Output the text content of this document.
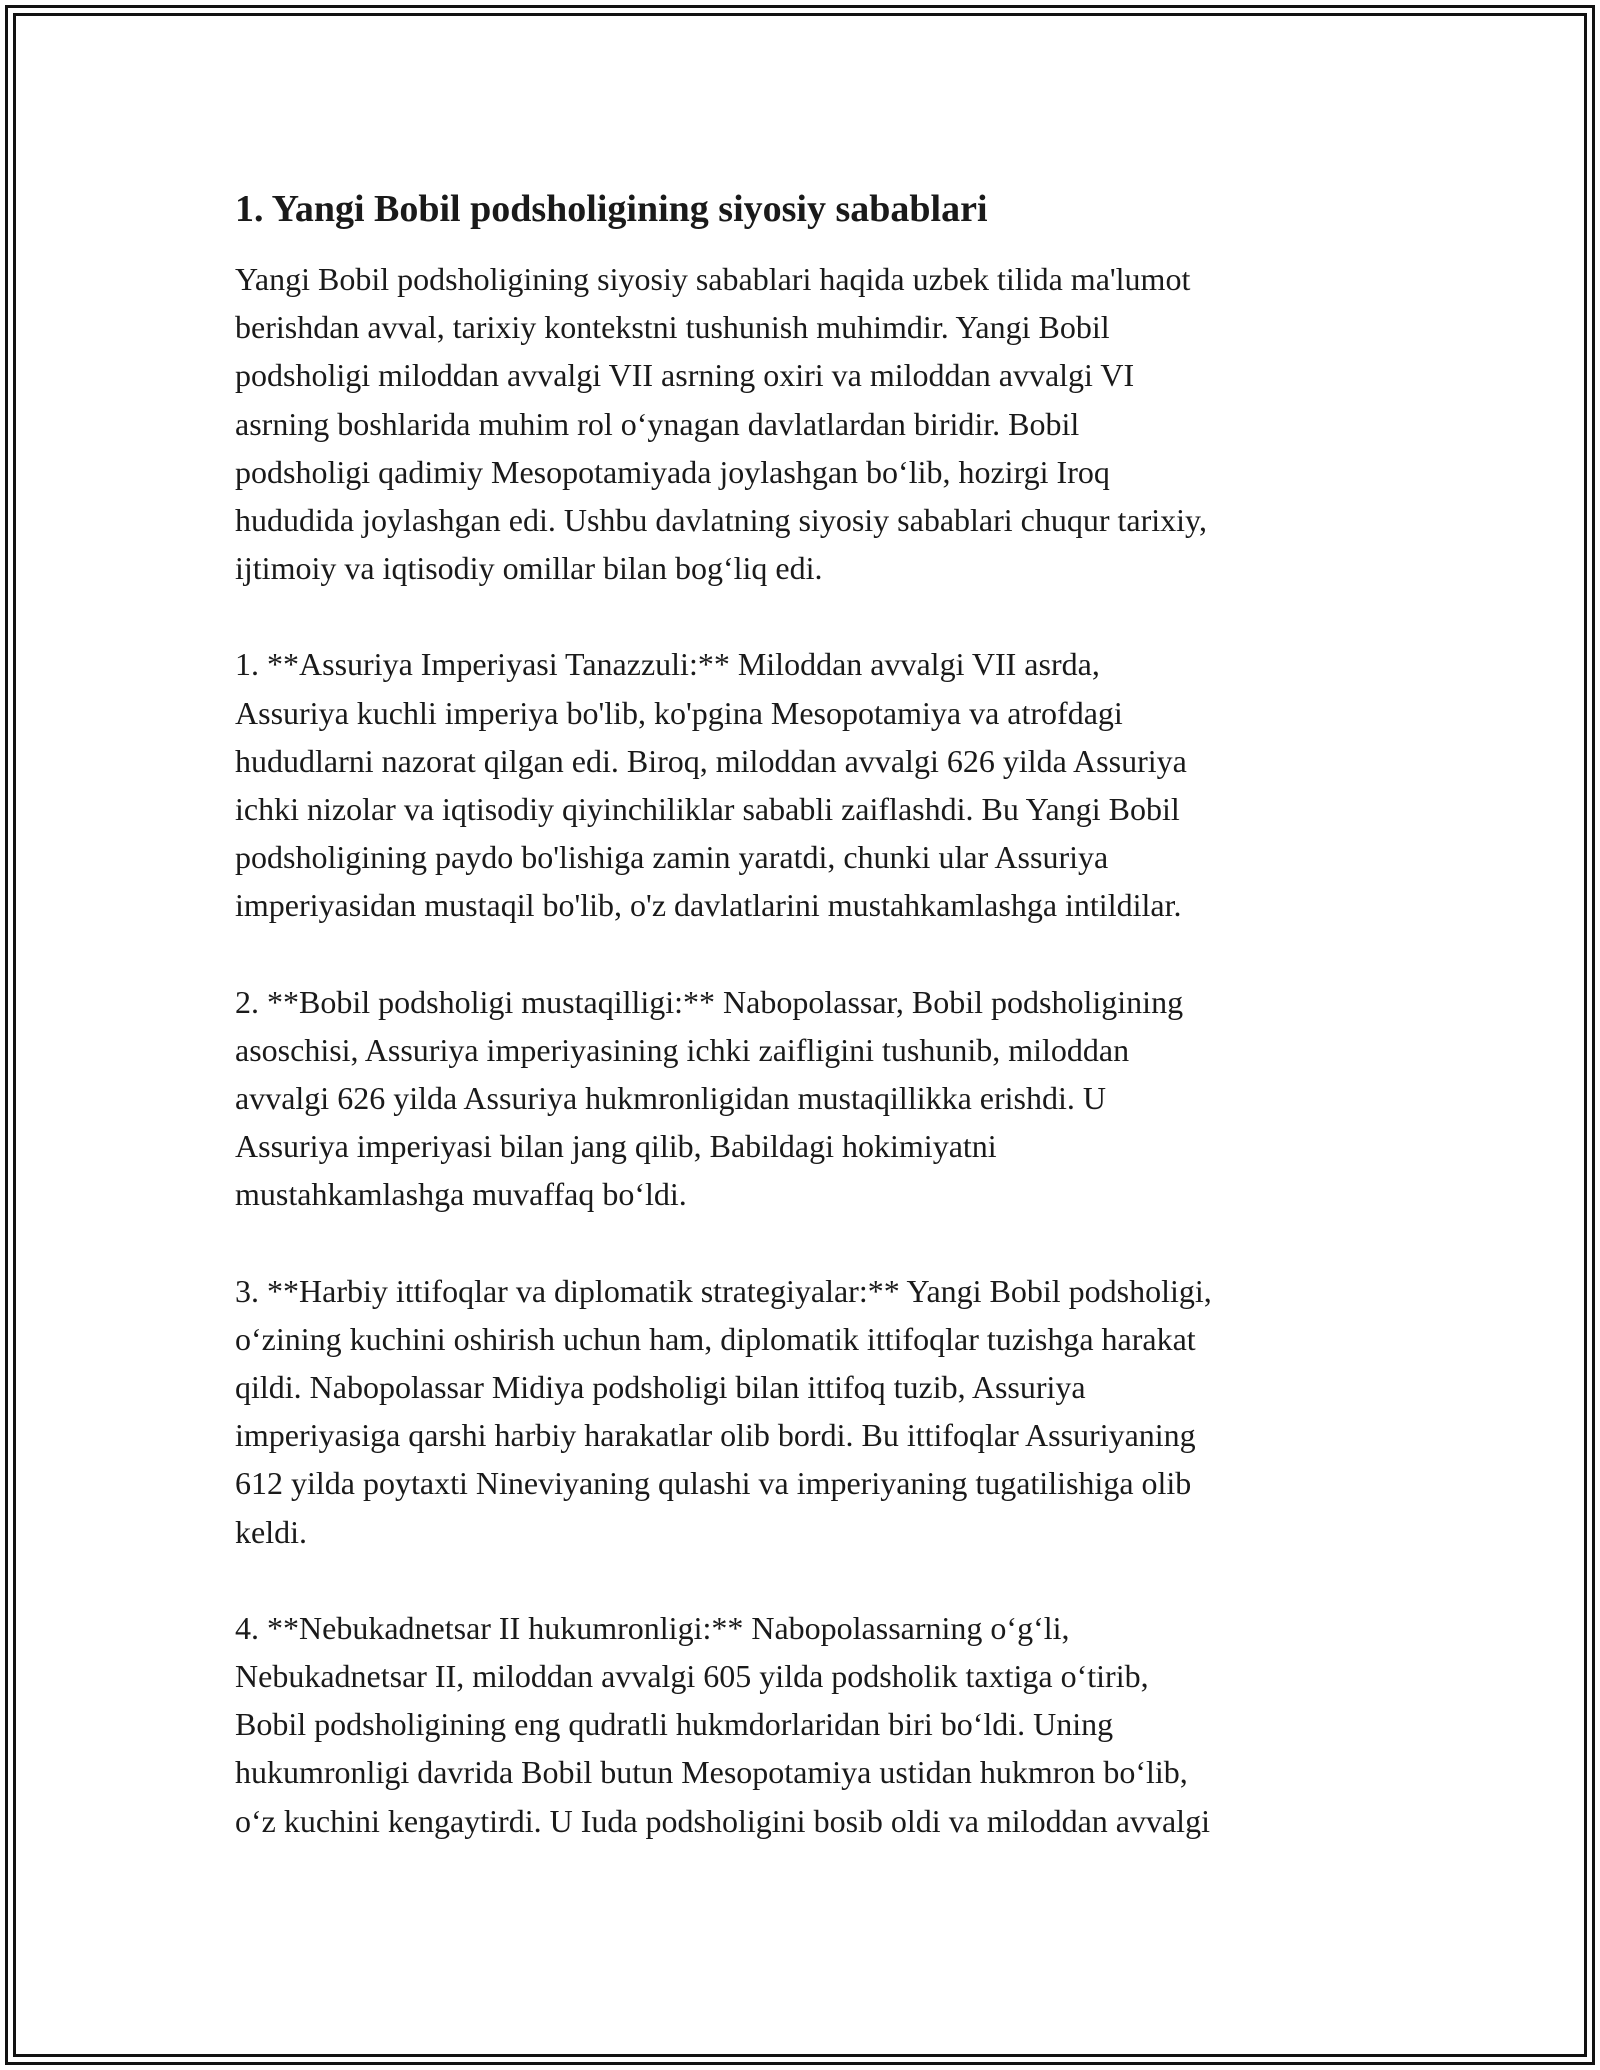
1. Yangi Bobil podsholigining siyosiy sabablari

Yangi Bobil podsholigining siyosiy sabablari haqida uzbek tilida ma'lumot
berishdan avval, tarixiy kontekstni tushunish muhimdir. Yangi Bobil
podsholigi miloddan avvalgi VII asrning oxiri va miloddan avvalgi VI
asrning boshlarida muhim rol o‘ynagan davlatlardan biridir. Bobil
podsholigi qadimiy Mesopotamiyada joylashgan bo‘lib, hozirgi Iroq
hududida joylashgan edi. Ushbu davlatning siyosiy sabablari chuqur tarixiy,
ijtimoiy va iqtisodiy omillar bilan bog‘liq edi.

1. **Assuriya Imperiyasi Tanazzuli:** Miloddan avvalgi VII asrda,
Assuriya kuchli imperiya bo'lib, ko'pgina Mesopotamiya va atrofdagi
hududlarni nazorat qilgan edi. Biroq, miloddan avvalgi 626 yilda Assuriya
ichki nizolar va iqtisodiy qiyinchiliklar sababli zaiflashdi. Bu Yangi Bobil
podsholigining paydo bo'lishiga zamin yaratdi, chunki ular Assuriya
imperiyasidan mustaqil bo'lib, o'z davlatlarini mustahkamlashga intildilar.

2. **Bobil podsholigi mustaqilligi:** Nabopolassar, Bobil podsholigining
asoschisi, Assuriya imperiyasining ichki zaifligini tushunib, miloddan
avvalgi 626 yilda Assuriya hukmronligidan mustaqillikka erishdi. U
Assuriya imperiyasi bilan jang qilib, Babildagi hokimiyatni
mustahkamlashga muvaffaq bo‘ldi.

3. **Harbiy ittifoqlar va diplomatik strategiyalar:** Yangi Bobil podsholigi,
o‘zining kuchini oshirish uchun ham, diplomatik ittifoqlar tuzishga harakat
qildi. Nabopolassar Midiya podsholigi bilan ittifoq tuzib, Assuriya
imperiyasiga qarshi harbiy harakatlar olib bordi. Bu ittifoqlar Assuriyaning
612 yilda poytaxti Nineviyaning qulashi va imperiyaning tugatilishiga olib
keldi.

4. **Nebukadnetsar II hukumronligi:** Nabopolassarning o‘g‘li,
Nebukadnetsar II, miloddan avvalgi 605 yilda podsholik taxtiga o‘tirib,
Bobil podsholigining eng qudratli hukmdorlaridan biri bo‘ldi. Uning
hukumronligi davrida Bobil butun Mesopotamiya ustidan hukmron bo‘lib,
o‘z kuchini kengaytirdi. U Iuda podsholigini bosib oldi va miloddan avvalgi
